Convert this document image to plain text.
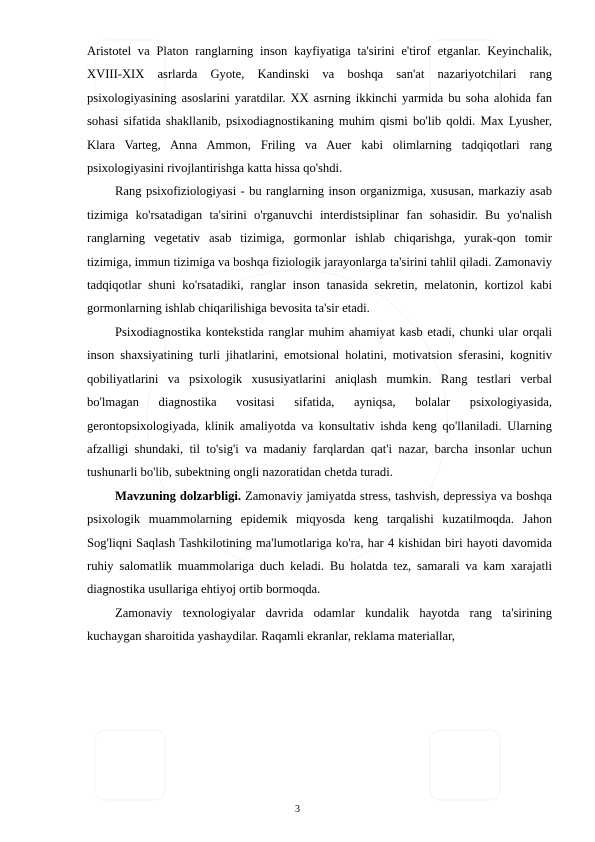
Aristotel va Platon ranglarning inson kayfiyatiga ta'sirini e'tirof etganlar. Keyinchalik, XVIII-XIX asrlarda Gyote, Kandinski va boshqa san'at nazariyotchilari rang psixologiyasining asoslarini yaratdilar. XX asrning ikkinchi yarmida bu soha alohida fan sohasi sifatida shakllanib, psixodiagnostikaning muhim qismi bo'lib qoldi. Max Lyusher, Klara Varteg, Anna Ammon, Friling va Auer kabi olimlarning tadqiqotlari rang psixologiyasini rivojlantirishga katta hissa qo'shdi.

Rang psixofiziologiyasi - bu ranglarning inson organizmiga, xususan, markaziy asab tizimiga ko'rsatadigan ta'sirini o'rganuvchi interdistsiplinar fan sohasidir. Bu yo'nalish ranglarning vegetativ asab tizimiga, gormonlar ishlab chiqarishga, yurak-qon tomir tizimiga, immun tizimiga va boshqa fiziologik jarayonlarga ta'sirini tahlil qiladi. Zamonaviy tadqiqotlar shuni ko'rsatadiki, ranglar inson tanasida sekretin, melatonin, kortizol kabi gormonlarning ishlab chiqarilishiga bevosita ta'sir etadi.

Psixodiagnostika kontekstida ranglar muhim ahamiyat kasb etadi, chunki ular orqali inson shaxsiyatining turli jihatlarini, emotsional holatini, motivatsion sferasini, kognitiv qobiliyatlarini va psixologik xususiyatlarini aniqlash mumkin. Rang testlari verbal bo'lmagan diagnostika vositasi sifatida, ayniqsa, bolalar psixologiyasida, gerontopsixologiyada, klinik amaliyotda va konsultativ ishda keng qo'llaniladi. Ularning afzalligi shundaki, til to'sig'i va madaniy farqlardan qat'i nazar, barcha insonlar uchun tushunarli bo'lib, subektning ongli nazoratidan chetda turadi.

Mavzuning dolzarbligi. Zamonaviy jamiyatda stress, tashvish, depressiya va boshqa psixologik muammolarning epidemik miqyosda keng tarqalishi kuzatilmoqda. Jahon Sog'liqni Saqlash Tashkilotining ma'lumotlariga ko'ra, har 4 kishidan biri hayoti davomida ruhiy salomatlik muammolariga duch keladi. Bu holatda tez, samarali va kam xarajatli diagnostika usullariga ehtiyoj ortib bormoqda.

Zamonaviy texnologiyalar davrida odamlar kundalik hayotda rang ta'sirining kuchaygan sharoitida yashaydilar. Raqamli ekranlar, reklama materiallar,

3
